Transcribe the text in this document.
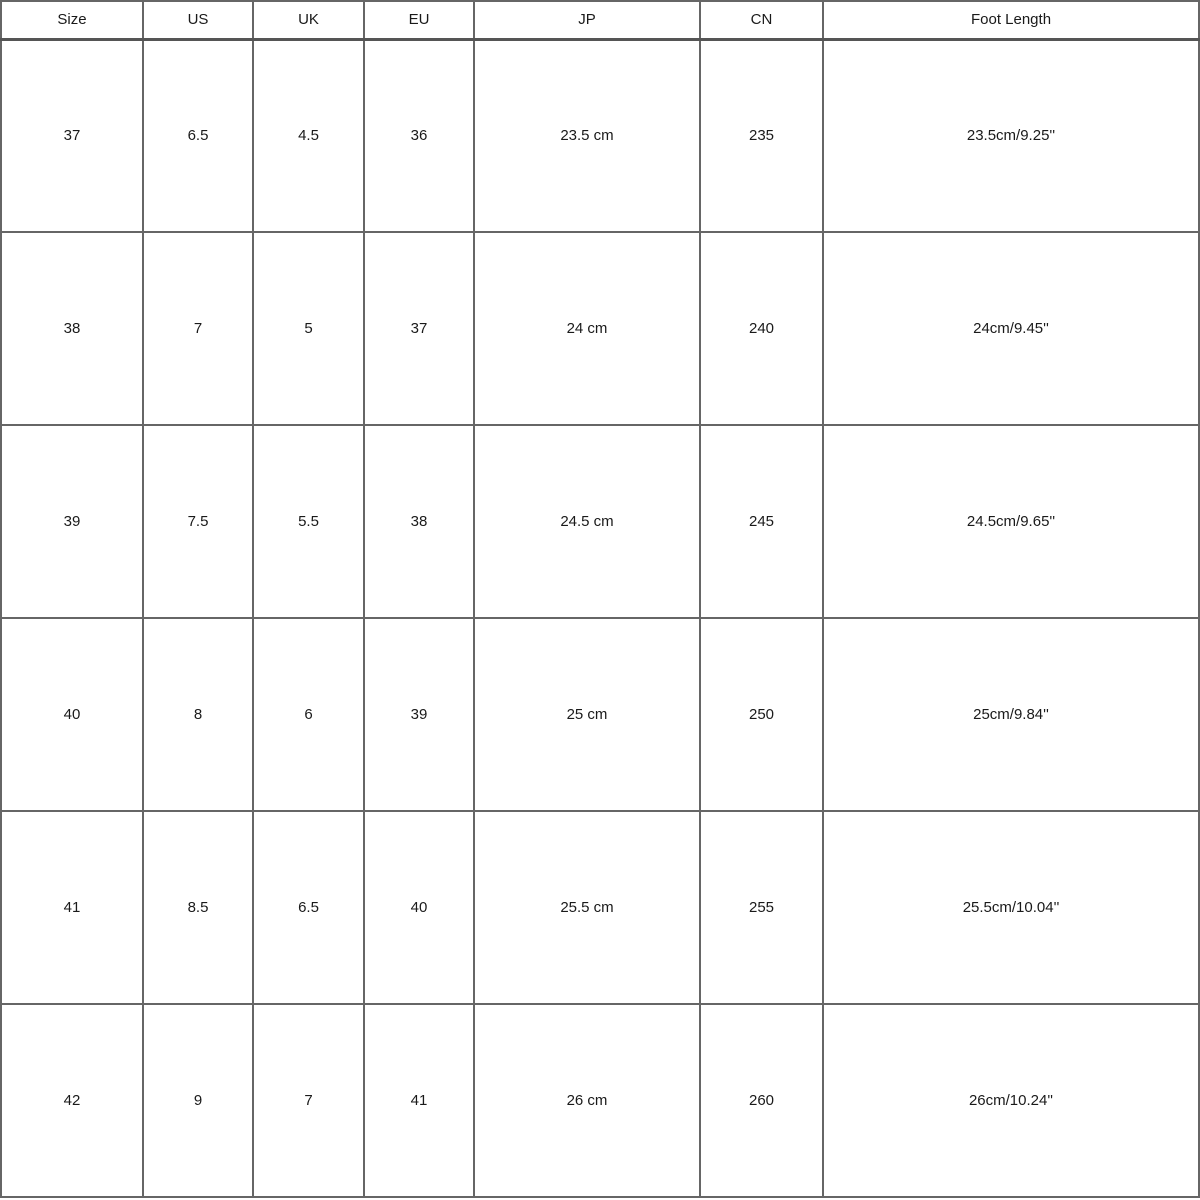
Size	US	UK	EU	JP	CN	Foot Length
37	6.5	4.5	36	23.5 cm	235	23.5cm/9.25''
38	7	5	37	24 cm	240	24cm/9.45''
39	7.5	5.5	38	24.5 cm	245	24.5cm/9.65''
40	8	6	39	25 cm	250	25cm/9.84''
41	8.5	6.5	40	25.5 cm	255	25.5cm/10.04''
42	9	7	41	26 cm	260	26cm/10.24''
